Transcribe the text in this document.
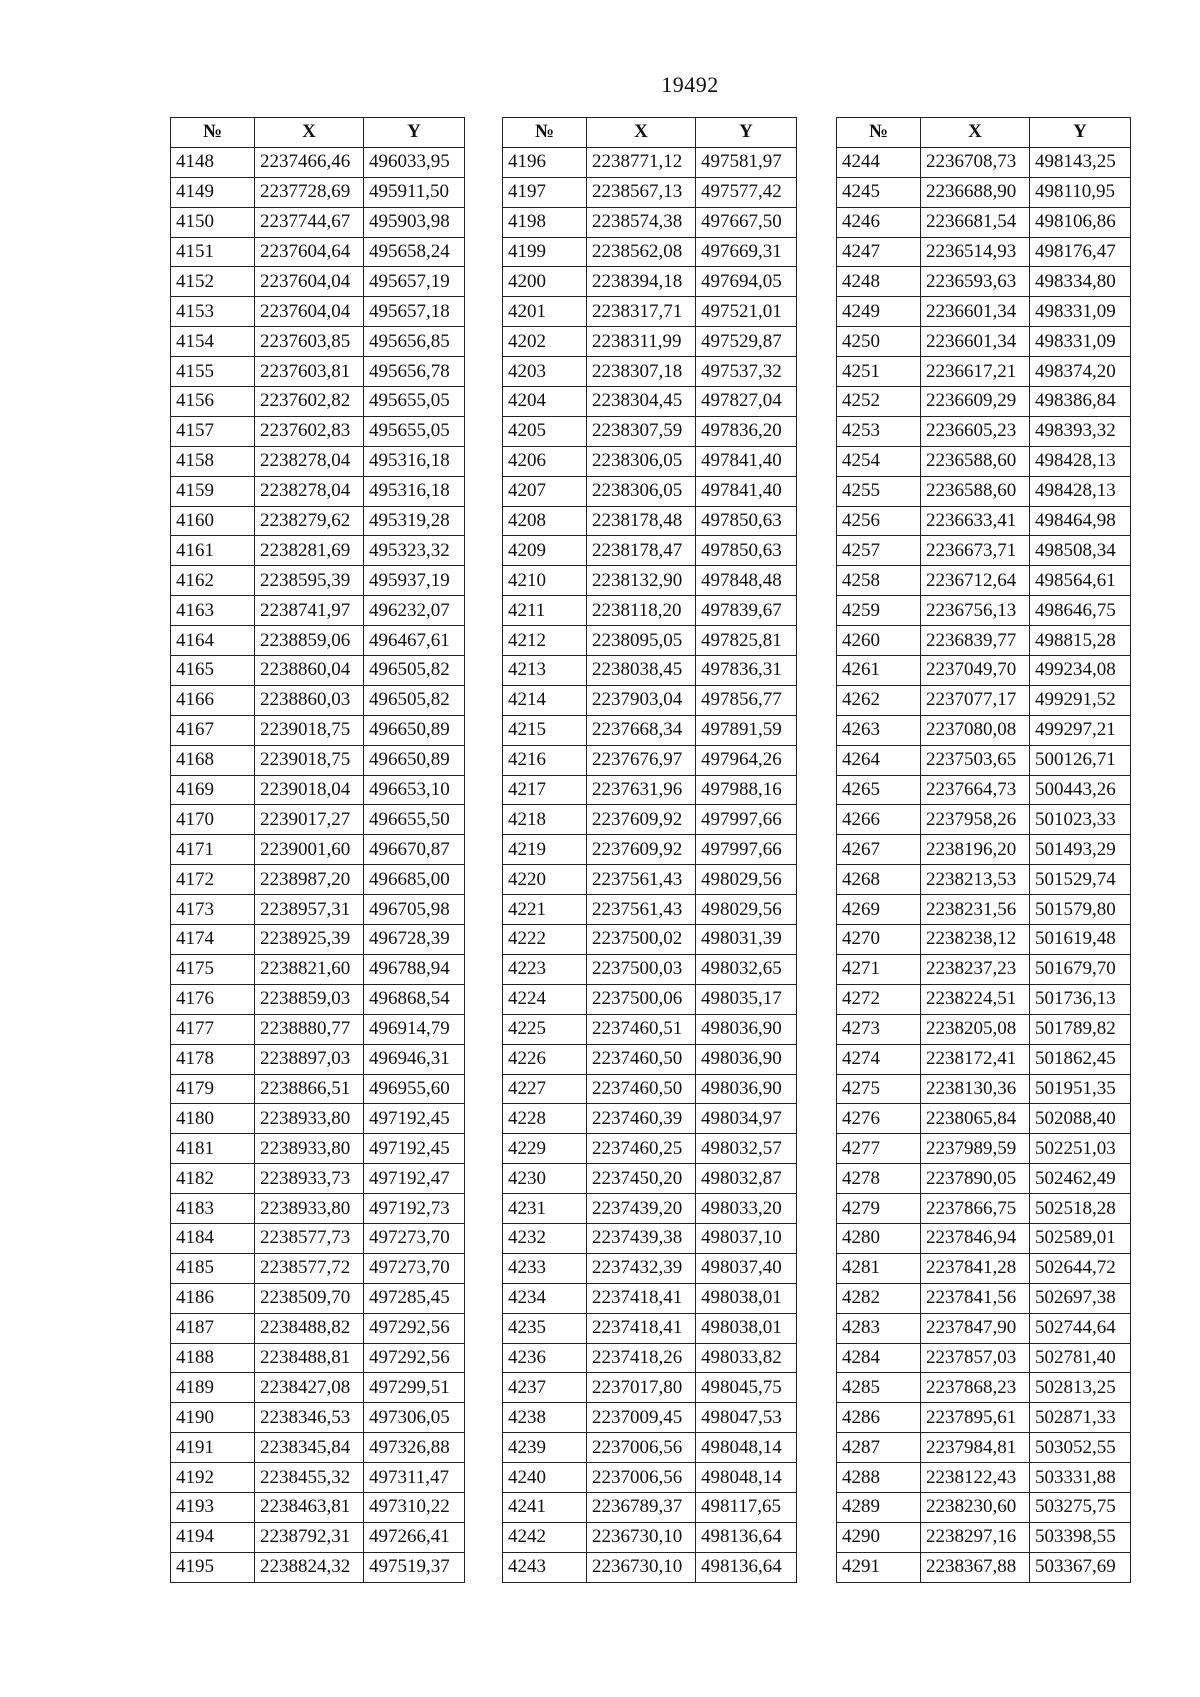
19492
№	X	Y
4148	2237466,46	496033,95
4149	2237728,69	495911,50
4150	2237744,67	495903,98
4151	2237604,64	495658,24
4152	2237604,04	495657,19
4153	2237604,04	495657,18
4154	2237603,85	495656,85
4155	2237603,81	495656,78
4156	2237602,82	495655,05
4157	2237602,83	495655,05
4158	2238278,04	495316,18
4159	2238278,04	495316,18
4160	2238279,62	495319,28
4161	2238281,69	495323,32
4162	2238595,39	495937,19
4163	2238741,97	496232,07
4164	2238859,06	496467,61
4165	2238860,04	496505,82
4166	2238860,03	496505,82
4167	2239018,75	496650,89
4168	2239018,75	496650,89
4169	2239018,04	496653,10
4170	2239017,27	496655,50
4171	2239001,60	496670,87
4172	2238987,20	496685,00
4173	2238957,31	496705,98
4174	2238925,39	496728,39
4175	2238821,60	496788,94
4176	2238859,03	496868,54
4177	2238880,77	496914,79
4178	2238897,03	496946,31
4179	2238866,51	496955,60
4180	2238933,80	497192,45
4181	2238933,80	497192,45
4182	2238933,73	497192,47
4183	2238933,80	497192,73
4184	2238577,73	497273,70
4185	2238577,72	497273,70
4186	2238509,70	497285,45
4187	2238488,82	497292,56
4188	2238488,81	497292,56
4189	2238427,08	497299,51
4190	2238346,53	497306,05
4191	2238345,84	497326,88
4192	2238455,32	497311,47
4193	2238463,81	497310,22
4194	2238792,31	497266,41
4195	2238824,32	497519,37
№	X	Y
4196	2238771,12	497581,97
4197	2238567,13	497577,42
4198	2238574,38	497667,50
4199	2238562,08	497669,31
4200	2238394,18	497694,05
4201	2238317,71	497521,01
4202	2238311,99	497529,87
4203	2238307,18	497537,32
4204	2238304,45	497827,04
4205	2238307,59	497836,20
4206	2238306,05	497841,40
4207	2238306,05	497841,40
4208	2238178,48	497850,63
4209	2238178,47	497850,63
4210	2238132,90	497848,48
4211	2238118,20	497839,67
4212	2238095,05	497825,81
4213	2238038,45	497836,31
4214	2237903,04	497856,77
4215	2237668,34	497891,59
4216	2237676,97	497964,26
4217	2237631,96	497988,16
4218	2237609,92	497997,66
4219	2237609,92	497997,66
4220	2237561,43	498029,56
4221	2237561,43	498029,56
4222	2237500,02	498031,39
4223	2237500,03	498032,65
4224	2237500,06	498035,17
4225	2237460,51	498036,90
4226	2237460,50	498036,90
4227	2237460,50	498036,90
4228	2237460,39	498034,97
4229	2237460,25	498032,57
4230	2237450,20	498032,87
4231	2237439,20	498033,20
4232	2237439,38	498037,10
4233	2237432,39	498037,40
4234	2237418,41	498038,01
4235	2237418,41	498038,01
4236	2237418,26	498033,82
4237	2237017,80	498045,75
4238	2237009,45	498047,53
4239	2237006,56	498048,14
4240	2237006,56	498048,14
4241	2236789,37	498117,65
4242	2236730,10	498136,64
4243	2236730,10	498136,64
№	X	Y
4244	2236708,73	498143,25
4245	2236688,90	498110,95
4246	2236681,54	498106,86
4247	2236514,93	498176,47
4248	2236593,63	498334,80
4249	2236601,34	498331,09
4250	2236601,34	498331,09
4251	2236617,21	498374,20
4252	2236609,29	498386,84
4253	2236605,23	498393,32
4254	2236588,60	498428,13
4255	2236588,60	498428,13
4256	2236633,41	498464,98
4257	2236673,71	498508,34
4258	2236712,64	498564,61
4259	2236756,13	498646,75
4260	2236839,77	498815,28
4261	2237049,70	499234,08
4262	2237077,17	499291,52
4263	2237080,08	499297,21
4264	2237503,65	500126,71
4265	2237664,73	500443,26
4266	2237958,26	501023,33
4267	2238196,20	501493,29
4268	2238213,53	501529,74
4269	2238231,56	501579,80
4270	2238238,12	501619,48
4271	2238237,23	501679,70
4272	2238224,51	501736,13
4273	2238205,08	501789,82
4274	2238172,41	501862,45
4275	2238130,36	501951,35
4276	2238065,84	502088,40
4277	2237989,59	502251,03
4278	2237890,05	502462,49
4279	2237866,75	502518,28
4280	2237846,94	502589,01
4281	2237841,28	502644,72
4282	2237841,56	502697,38
4283	2237847,90	502744,64
4284	2237857,03	502781,40
4285	2237868,23	502813,25
4286	2237895,61	502871,33
4287	2237984,81	503052,55
4288	2238122,43	503331,88
4289	2238230,60	503275,75
4290	2238297,16	503398,55
4291	2238367,88	503367,69
